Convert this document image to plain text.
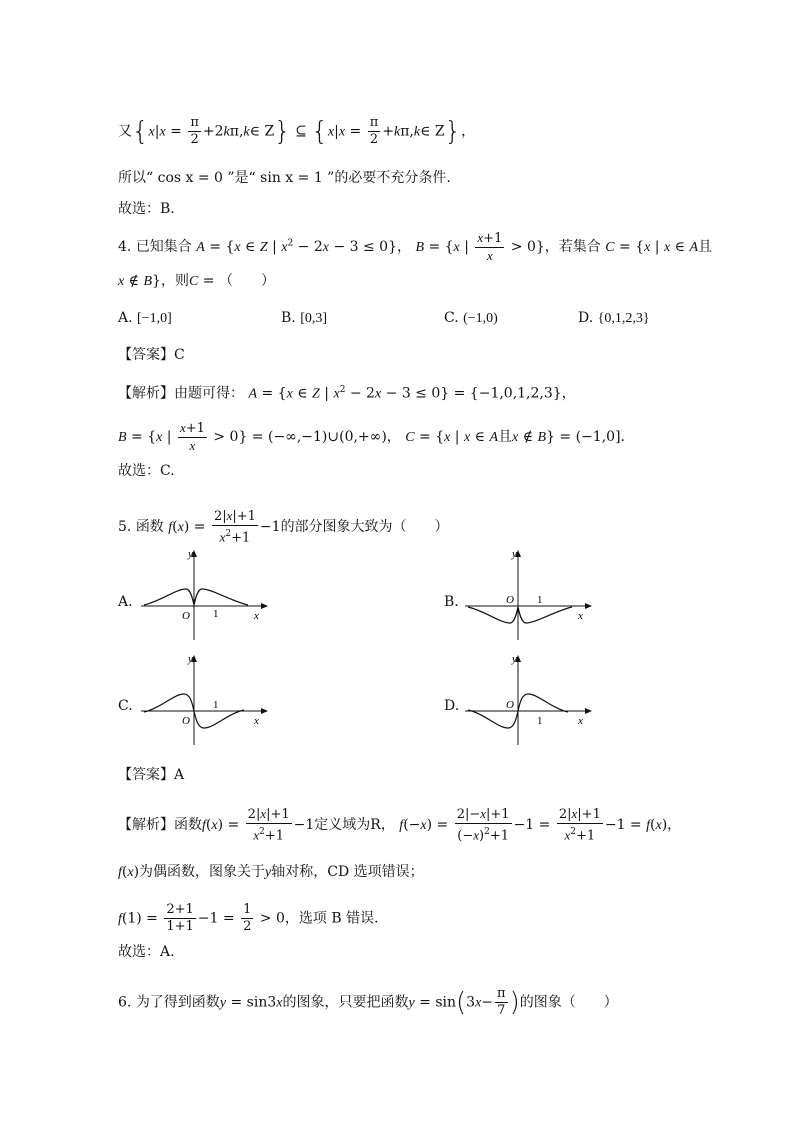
又{$x|x = \frac{\pi}{2}$ +2kπ,k∈ Z} ⊆ {$x|x = \frac{\pi}{2}$ +kπ,k∈ Z}，
所以“ cos x = 0 ”是“ sin x = 1 ”的必要不充分条件.
故选：B.
4. 已知集合 A = {x ∈ Z | $x^2 - 2x - 3 \le 0$}， B = {x | $\frac{x+1}{x} > 0$}，若集合 C = {x | x ∈ A且
x ∉ B}，则C = （　　）
A. [−1,0]	B. [0,3]	C. (−1,0)	D. {0,1,2,3}
【答案】C
【解析】由题可得： A = {x ∈ Z | $x^2 - 2x - 3 \le 0\} = \{-1,0,1,2,3\}$，
B = {x | $\frac{x+1}{x} > 0$} = (−∞,−1)∪(0,+∞)， C = {x | x ∈ A且x ∉ B} = (−1,0].
故选：C.
5. 函数 $f(x) = \frac{2|x|+1}{x^2+1} -1$的部分图象大致为（　　）
A.	B.
C.	D.
y
x
O 1
y
x
O 1
y
x
O
1
y
x
O
1
【答案】A
【解析】函数$f(x) = \frac{2|x|+1}{x^2+1} -1$定义域为R， $f(-x) = \frac{2|-x|+1}{(-x)^2+1} -1 = \frac{2|x|+1}{x^2+1} -1 = f(x)$，
f(x)为偶函数，图象关于y轴对称，CD 选项错误；
$f(1) = \frac{2+1}{1+1} -1 = \frac{1}{2} > 0$，选项 B 错误.
故选：A.
6. 为了得到函数y = sin3x的图象，只要把函数$y = \sin(3x- \frac{\pi}{7}$ )的图象（　　）
